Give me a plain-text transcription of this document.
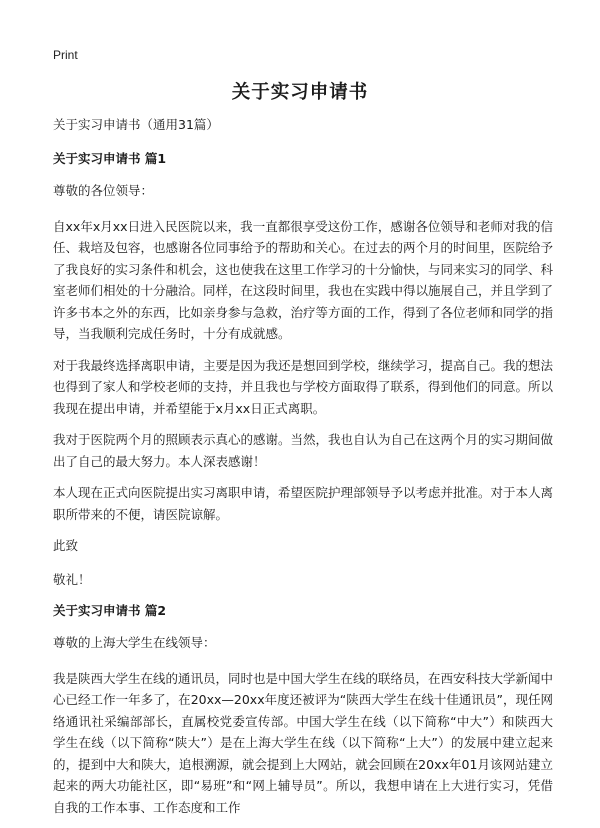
Print
关于实习申请书

关于实习申请书（通用31篇）

关于实习申请书 篇1

尊敬的各位领导：

自xx年x月xx日进入民医院以来，我一直都很享受这份工作，感谢各位领导和老师对我的信任、栽培及包容，也感谢各位同事给予的帮助和关心。在过去的两个月的时间里，医院给予了我良好的实习条件和机会，这也使我在这里工作学习的十分愉快，与同来实习的同学、科室老师们相处的十分融洽。同样，在这段时间里，我也在实践中得以施展自己，并且学到了许多书本之外的东西，比如亲身参与急救，治疗等方面的工作，得到了各位老师和同学的指导，当我顺利完成任务时，十分有成就感。

对于我最终选择离职申请，主要是因为我还是想回到学校，继续学习，提高自己。我的想法也得到了家人和学校老师的支持，并且我也与学校方面取得了联系，得到他们的同意。所以我现在提出申请，并希望能于x月xx日正式离职。

我对于医院两个月的照顾表示真心的感谢。当然，我也自认为自己在这两个月的实习期间做出了自己的最大努力。本人深表感谢！

本人现在正式向医院提出实习离职申请，希望医院护理部领导予以考虑并批准。对于本人离职所带来的不便，请医院谅解。

此致

敬礼！

关于实习申请书 篇2

尊敬的上海大学生在线领导：

我是陕西大学生在线的通讯员，同时也是中国大学生在线的联络员，在西安科技大学新闻中心已经工作一年多了，在20xx—20xx年度还被评为“陕西大学生在线十佳通讯员”，现任网络通讯社采编部部长，直属校党委宣传部。中国大学生在线（以下简称“中大”）和陕西大学生在线（以下简称“陕大”）是在上海大学生在线（以下简称“上大”）的发展中建立起来的，提到中大和陕大，追根溯源，就会提到上大网站，就会回顾在20xx年01月该网站建立起来的两大功能社区，即“易班”和“网上辅导员”。所以，我想申请在上大进行实习，凭借自我的工作本事、工作态度和工作
